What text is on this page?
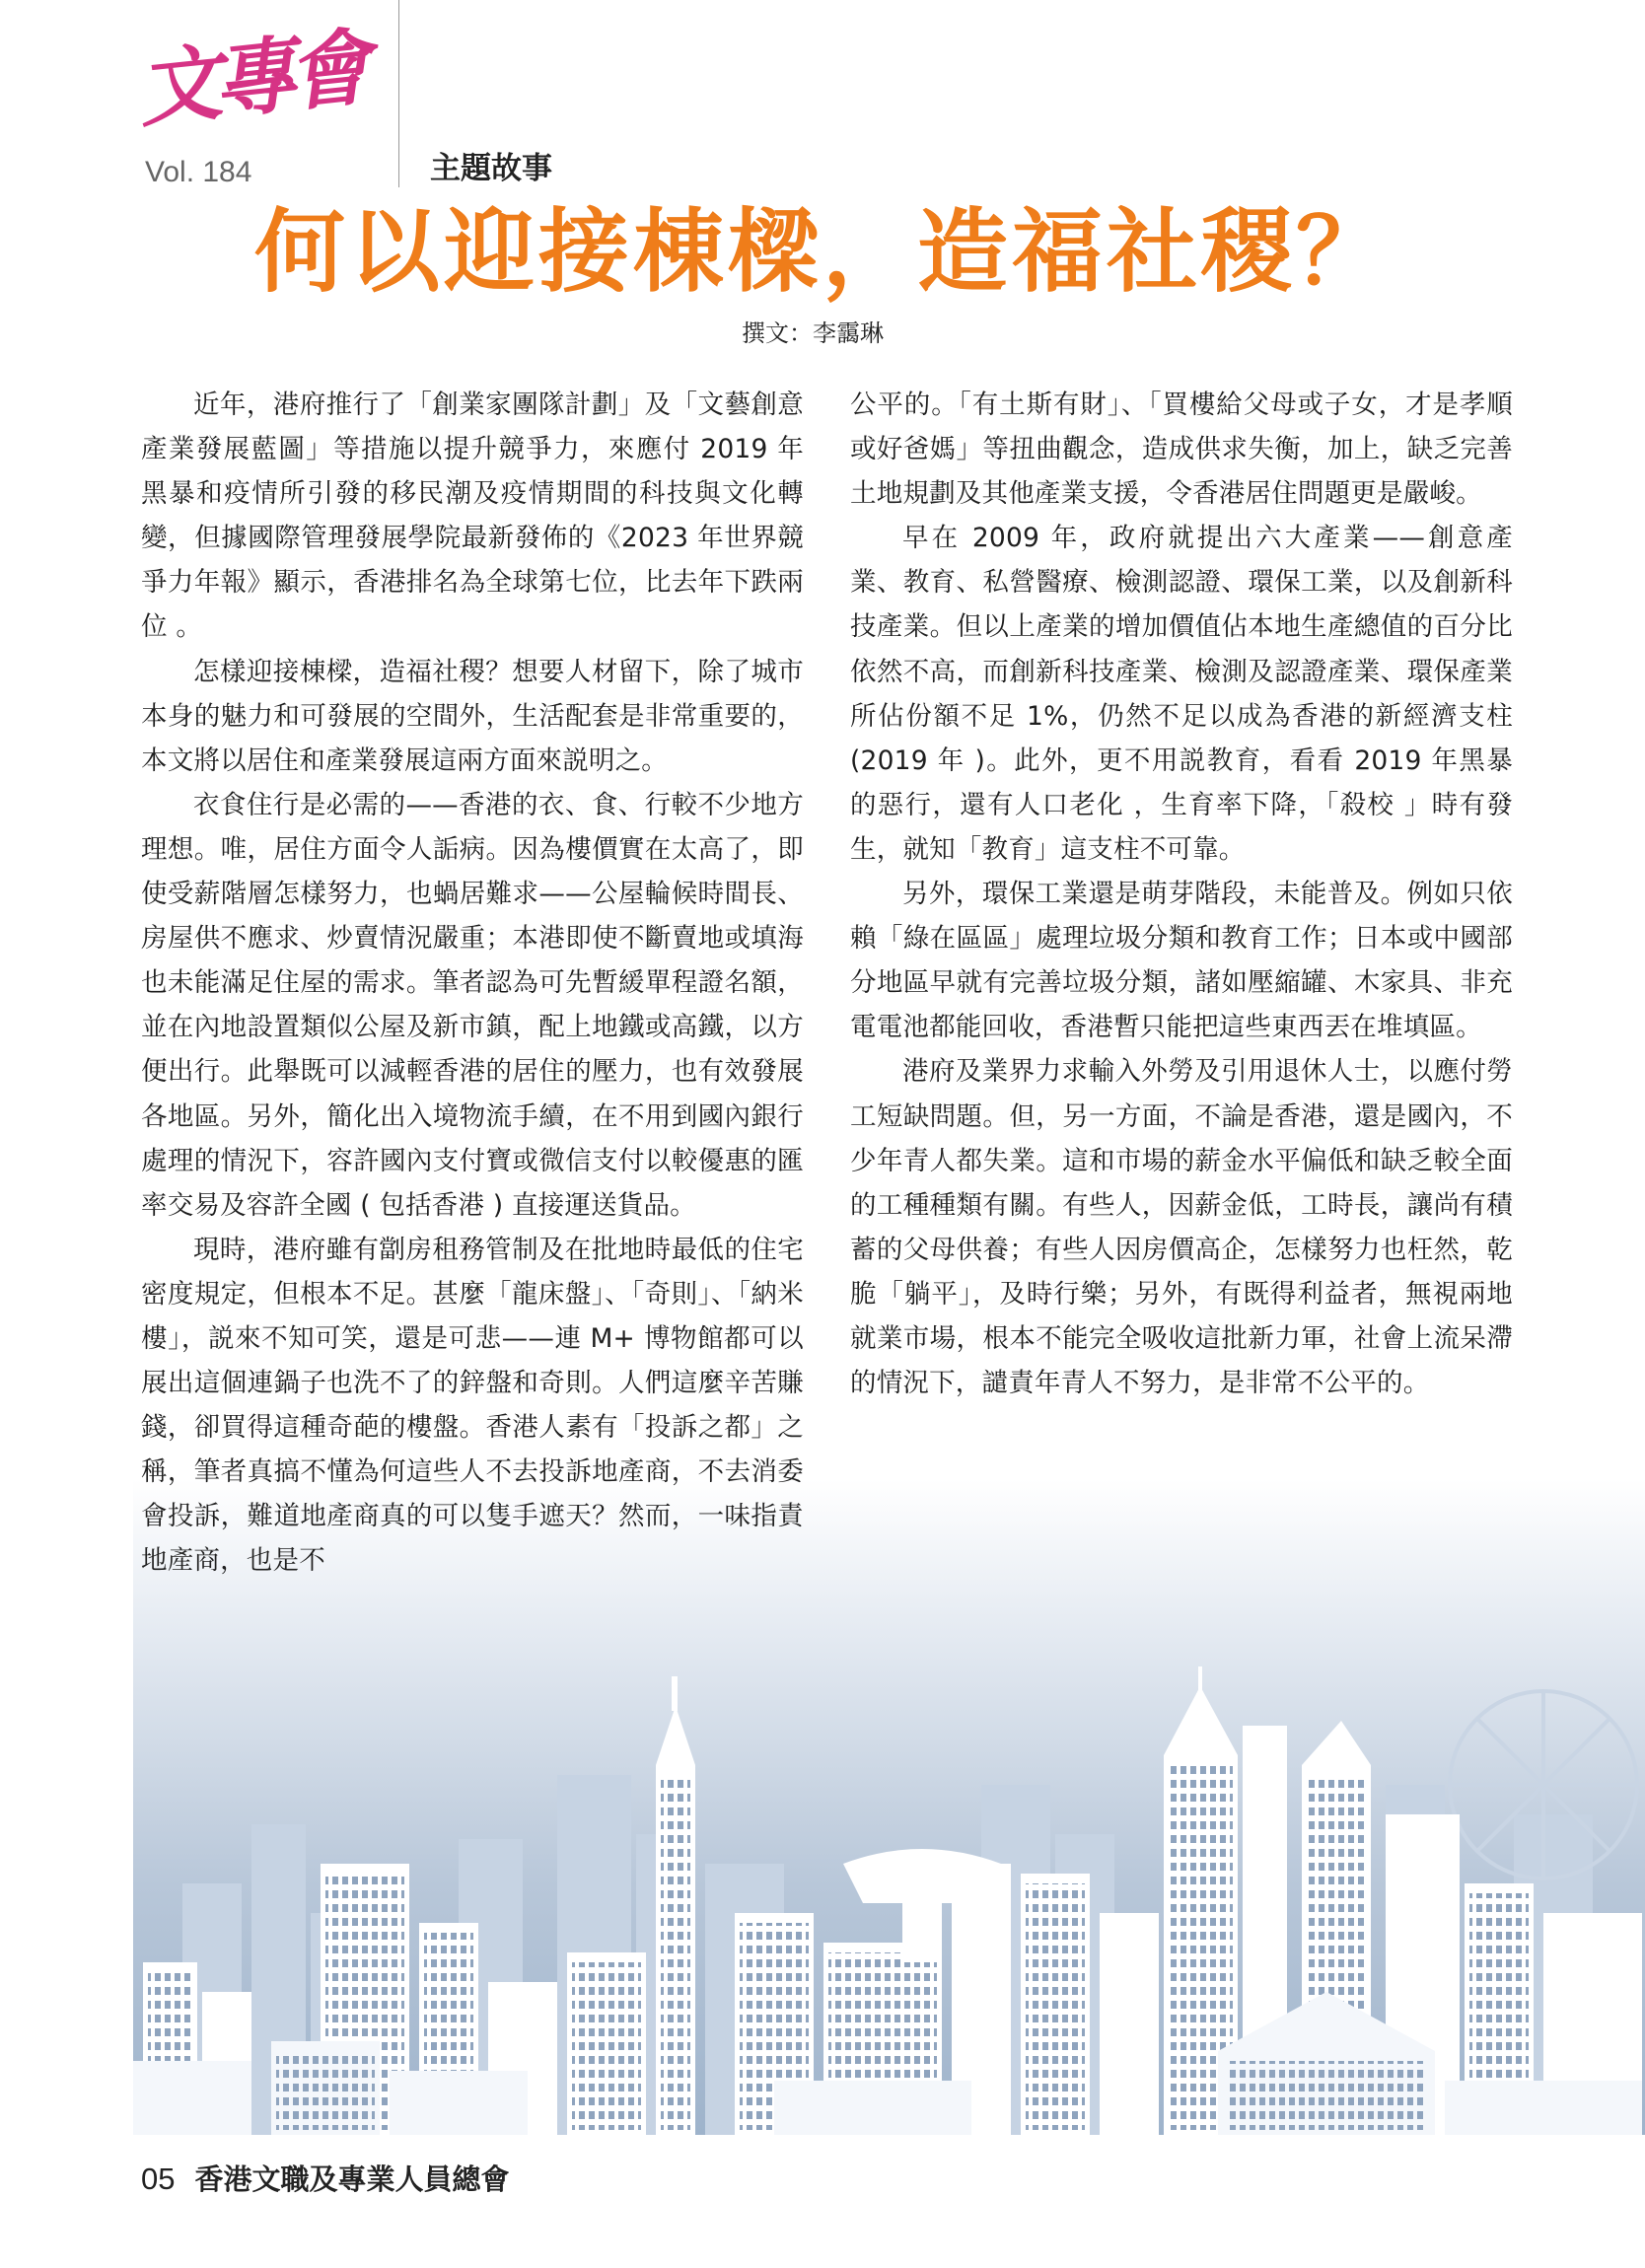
文專會
Vol. 184	主題故事
何以迎接棟樑，造福社稷？
撰文：李靄琳

近年，港府推行了「創業家團隊計劃」及「文藝創意產業發展藍圖」等措施以提升競爭力，來應付 2019 年黑暴和疫情所引發的移民潮及疫情期間的科技與文化轉變，但據國際管理發展學院最新發佈的《2023 年世界競爭力年報》顯示，香港排名為全球第七位，比去年下跌兩位 。

怎樣迎接棟樑，造福社稷？想要人材留下，除了城市本身的魅力和可發展的空間外，生活配套是非常重要的，本文將以居住和產業發展這兩方面來説明之。

衣食住行是必需的——香港的衣、食、行較不少地方理想。唯，居住方面令人詬病。因為樓價實在太高了，即使受薪階層怎樣努力，也蝸居難求——公屋輪候時間長、房屋供不應求、炒賣情況嚴重；本港即使不斷賣地或填海也未能滿足住屋的需求。筆者認為可先暫緩單程證名額，並在內地設置類似公屋及新市鎮，配上地鐵或高鐵，以方便出行。此舉既可以減輕香港的居住的壓力，也有效發展各地區。另外，簡化出入境物流手續，在不用到國內銀行處理的情況下，容許國內支付寶或微信支付以較優惠的匯率交易及容許全國 ( 包括香港 ) 直接運送貨品。

現時，港府雖有劏房租務管制及在批地時最低的住宅密度規定，但根本不足。甚麼「龍床盤」、「奇則」、「納米樓」，説來不知可笑，還是可悲——連 M+ 博物館都可以展出這個連鍋子也洗不了的鋅盤和奇則。人們這麼辛苦賺錢，卻買得這種奇葩的樓盤。香港人素有「投訴之都」之稱，筆者真搞不懂為何這些人不去投訴地產商，不去消委會投訴，難道地產商真的可以隻手遮天？然而，一味指責地產商，也是不

公平的。「有土斯有財」、「買樓給父母或子女，才是孝順或好爸媽」等扭曲觀念，造成供求失衡，加上，缺乏完善土地規劃及其他產業支援，令香港居住問題更是嚴峻。

早在 2009 年，政府就提出六大產業——創意產業、教育、私營醫療、檢測認證、環保工業，以及創新科技產業。但以上產業的增加價值佔本地生產總值的百分比依然不高，而創新科技產業、檢測及認證產業、環保產業所佔份額不足 1%，仍然不足以成為香港的新經濟支柱 (2019 年 )。此外，更不用説教育，看看 2019 年黑暴的惡行，還有人口老化 ，生育率下降，「殺校 」時有發生，就知「教育」這支柱不可靠。

另外，環保工業還是萌芽階段，未能普及。例如只依賴「綠在區區」處理垃圾分類和教育工作；日本或中國部分地區早就有完善垃圾分類，諸如壓縮罐、木家具、非充電電池都能回收，香港暫只能把這些東西丟在堆填區。

港府及業界力求輸入外勞及引用退休人士，以應付勞工短缺問題。但，另一方面，不論是香港，還是國內，不少年青人都失業。這和市場的薪金水平偏低和缺乏較全面的工種種類有關。有些人，因薪金低，工時長，讓尚有積蓄的父母供養；有些人因房價高企，怎樣努力也枉然，乾脆「躺平」，及時行樂；另外，有既得利益者，無視兩地就業市場，根本不能完全吸收這批新力軍，社會上流呆滯的情況下，譴責年青人不努力，是非常不公平的。

05 香港文職及專業人員總會
